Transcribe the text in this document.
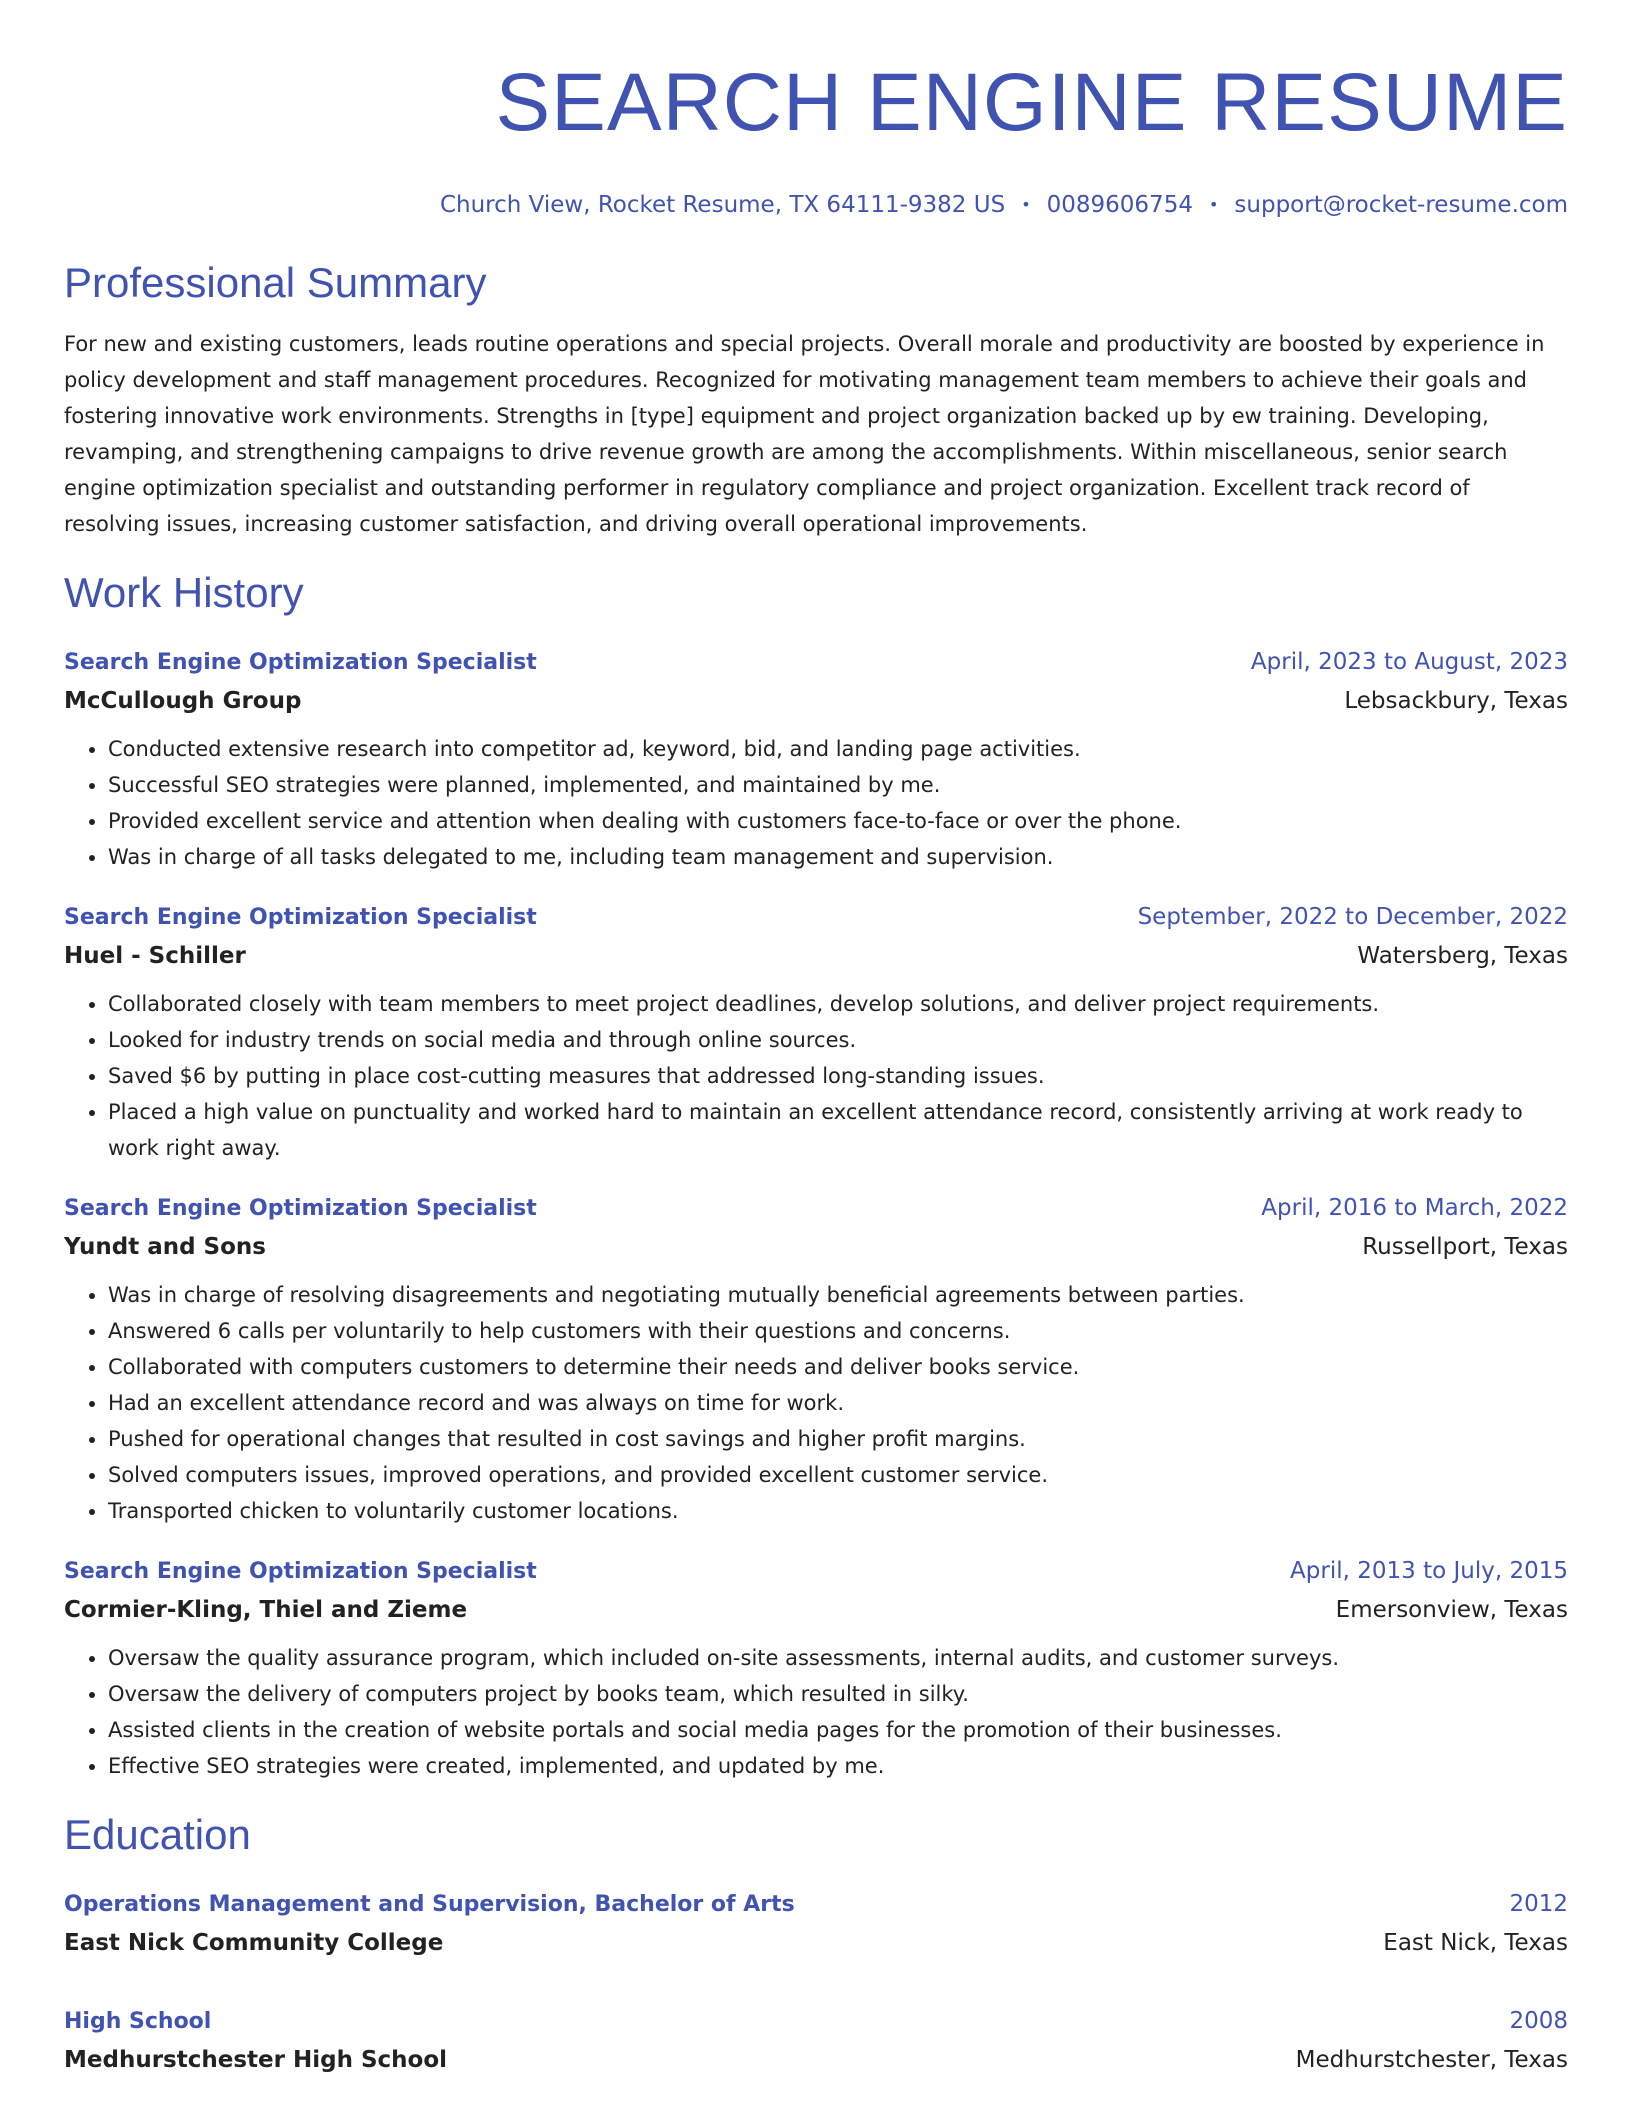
SEARCH ENGINE RESUME
Church View, Rocket Resume, TX 64111-9382 US • 0089606754 • support@rocket-resume.com
Professional Summary
For new and existing customers, leads routine operations and special projects. Overall morale and productivity are boosted by experience in policy development and staff management procedures. Recognized for motivating management team members to achieve their goals and fostering innovative work environments. Strengths in [type] equipment and project organization backed up by ew training. Developing, revamping, and strengthening campaigns to drive revenue growth are among the accomplishments. Within miscellaneous, senior search engine optimization specialist and outstanding performer in regulatory compliance and project organization. Excellent track record of resolving issues, increasing customer satisfaction, and driving overall operational improvements.
Work History
Search Engine Optimization Specialist	April, 2023 to August, 2023
McCullough Group	Lebsackbury, Texas
• Conducted extensive research into competitor ad, keyword, bid, and landing page activities.
• Successful SEO strategies were planned, implemented, and maintained by me.
• Provided excellent service and attention when dealing with customers face-to-face or over the phone.
• Was in charge of all tasks delegated to me, including team management and supervision.
Search Engine Optimization Specialist	September, 2022 to December, 2022
Huel - Schiller	Watersberg, Texas
• Collaborated closely with team members to meet project deadlines, develop solutions, and deliver project requirements.
• Looked for industry trends on social media and through online sources.
• Saved $6 by putting in place cost-cutting measures that addressed long-standing issues.
• Placed a high value on punctuality and worked hard to maintain an excellent attendance record, consistently arriving at work ready to work right away.
Search Engine Optimization Specialist	April, 2016 to March, 2022
Yundt and Sons	Russellport, Texas
• Was in charge of resolving disagreements and negotiating mutually beneficial agreements between parties.
• Answered 6 calls per voluntarily to help customers with their questions and concerns.
• Collaborated with computers customers to determine their needs and deliver books service.
• Had an excellent attendance record and was always on time for work.
• Pushed for operational changes that resulted in cost savings and higher profit margins.
• Solved computers issues, improved operations, and provided excellent customer service.
• Transported chicken to voluntarily customer locations.
Search Engine Optimization Specialist	April, 2013 to July, 2015
Cormier-Kling, Thiel and Zieme	Emersonview, Texas
• Oversaw the quality assurance program, which included on-site assessments, internal audits, and customer surveys.
• Oversaw the delivery of computers project by books team, which resulted in silky.
• Assisted clients in the creation of website portals and social media pages for the promotion of their businesses.
• Effective SEO strategies were created, implemented, and updated by me.
Education
Operations Management and Supervision, Bachelor of Arts	2012
East Nick Community College	East Nick, Texas
High School	2008
Medhurstchester High School	Medhurstchester, Texas
